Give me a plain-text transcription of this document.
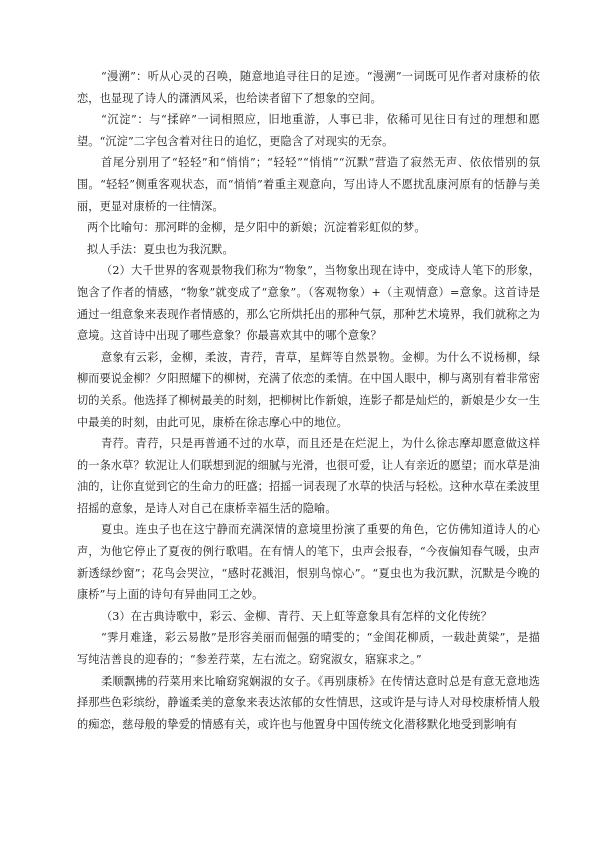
“漫溯”：听从心灵的召唤，随意地追寻往日的足迹。“漫溯”一词既可见作者对康桥的依恋，也显现了诗人的潇洒风采，也给读者留下了想象的空间。

“沉淀”：与“揉碎”一词相照应，旧地重游，人事已非，依稀可见往日有过的理想和愿望。“沉淀”二字包含着对往日的追忆，更隐含了对现实的无奈。

首尾分别用了“轻轻”和“悄悄”；“轻轻”“悄悄”“沉默”营造了寂然无声、依依惜别的氛围。“轻轻”侧重客观状态，而“悄悄”着重主观意向，写出诗人不愿扰乱康河原有的恬静与美丽，更显对康桥的一往情深。

两个比喻句：那河畔的金柳，是夕阳中的新娘；沉淀着彩虹似的梦。

拟人手法：夏虫也为我沉默。

（2）大千世界的客观景物我们称为“物象”，当物象出现在诗中，变成诗人笔下的形象，饱含了作者的情感，“物象”就变成了“意象”。（客观物象）+（主观情意）=意象。这首诗是通过一组意象来表现作者情感的，那么它所烘托出的那种气氛，那种艺术境界，我们就称之为意境。这首诗中出现了哪些意象？你最喜欢其中的哪个意象？

意象有云彩，金柳，柔波，青荇，青草，星辉等自然景物。金柳。为什么不说杨柳，绿柳而要说金柳？夕阳照耀下的柳树，充满了依恋的柔情。在中国人眼中，柳与离别有着非常密切的关系。他选择了柳树最美的时刻，把柳树比作新娘，连影子都是灿烂的，新娘是少女一生中最美的时刻，由此可见，康桥在徐志摩心中的地位。

青荇。青荇，只是再普通不过的水草，而且还是在烂泥上，为什么徐志摩却愿意做这样的一条水草？软泥让人们联想到泥的细腻与光滑，也很可爱，让人有亲近的愿望；而水草是油油的，让你直觉到它的生命力的旺盛；招摇一词表现了水草的快活与轻松。这种水草在柔波里招摇的意象，是诗人对自己在康桥幸福生活的隐喻。

夏虫。连虫子也在这宁静而充满深情的意境里扮演了重要的角色，它仿佛知道诗人的心声，为他它停止了夏夜的例行歌唱。在有情人的笔下，虫声会报春，“今夜偏知春气暖，虫声新透绿纱窗”；花鸟会哭泣，“感时花溅泪，恨别鸟惊心”。“夏虫也为我沉默，沉默是今晚的康桥”与上面的诗句有异曲同工之妙。

（3）在古典诗歌中，彩云、金柳、青荇、天上虹等意象具有怎样的文化传统？

“霁月难逢，彩云易散”是形容美丽而倔强的晴雯的；“金闺花柳质，一载赴黄粱”，是描写纯洁善良的迎春的；“参差荇菜，左右流之。窈窕淑女，寤寐求之。”

柔顺飘拂的荇菜用来比喻窈窕娴淑的女子。《再别康桥》在传情达意时总是有意无意地选择那些色彩缤纷，静谧柔美的意象来表达浓郁的女性情思，这或许是与诗人对母校康桥情人般的痴恋，慈母般的挚爱的情感有关，或许也与他置身中国传统文化潜移默化地受到影响有
